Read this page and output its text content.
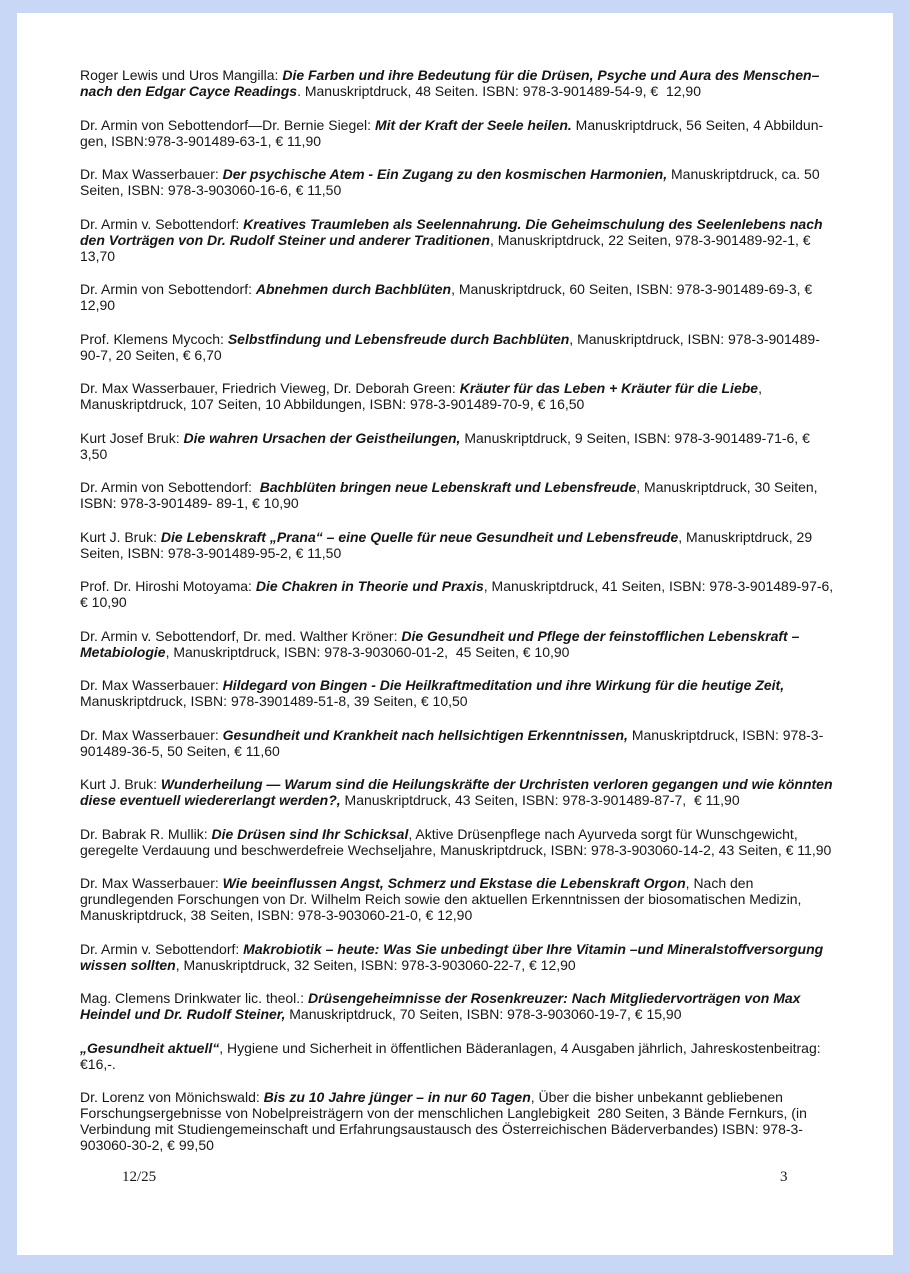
Roger Lewis und Uros Mangilla: Die Farben und ihre Bedeutung für die Drüsen, Psyche und Aura des Menschen– nach den Edgar Cayce Readings. Manuskriptdruck, 48 Seiten. ISBN: 978-3-901489-54-9, €  12,90

Dr. Armin von Sebottendorf—Dr. Bernie Siegel: Mit der Kraft der Seele heilen. Manuskriptdruck, 56 Seiten, 4 Abbildungen, ISBN:978-3-901489-63-1, € 11,90

Dr. Max Wasserbauer: Der psychische Atem - Ein Zugang zu den kosmischen Harmonien, Manuskriptdruck, ca. 50 Seiten, ISBN: 978-3-903060-16-6, € 11,50

Dr. Armin v. Sebottendorf: Kreatives Traumleben als Seelennahrung. Die Geheimschulung des Seelenlebens nach den Vorträgen von Dr. Rudolf Steiner und anderer Traditionen, Manuskriptdruck, 22 Seiten, 978-3-901489-92-1, € 13,70

Dr. Armin von Sebottendorf: Abnehmen durch Bachblüten, Manuskriptdruck, 60 Seiten, ISBN: 978-3-901489-69-3, € 12,90

Prof. Klemens Mycoch: Selbstfindung und Lebensfreude durch Bachblüten, Manuskriptdruck, ISBN: 978-3-901489-90-7, 20 Seiten, € 6,70

Dr. Max Wasserbauer, Friedrich Vieweg, Dr. Deborah Green: Kräuter für das Leben + Kräuter für die Liebe, Manuskriptdruck, 107 Seiten, 10 Abbildungen, ISBN: 978-3-901489-70-9, € 16,50

Kurt Josef Bruk: Die wahren Ursachen der Geistheilungen, Manuskriptdruck, 9 Seiten, ISBN: 978-3-901489-71-6, € 3,50

Dr. Armin von Sebottendorf:  Bachblüten bringen neue Lebenskraft und Lebensfreude, Manuskriptdruck, 30 Seiten, ISBN: 978-3-901489- 89-1, € 10,90

Kurt J. Bruk: Die Lebenskraft „Prana“ – eine Quelle für neue Gesundheit und Lebensfreude, Manuskriptdruck, 29 Seiten, ISBN: 978-3-901489-95-2, € 11,50

Prof. Dr. Hiroshi Motoyama: Die Chakren in Theorie und Praxis, Manuskriptdruck, 41 Seiten, ISBN: 978-3-901489-97-6, € 10,90

Dr. Armin v. Sebottendorf, Dr. med. Walther Kröner: Die Gesundheit und Pflege der feinstofflichen Lebenskraft – Metabiologie, Manuskriptdruck, ISBN: 978-3-903060-01-2,  45 Seiten, € 10,90

Dr. Max Wasserbauer: Hildegard von Bingen - Die Heilkraftmeditation und ihre Wirkung für die heutige Zeit, Manuskriptdruck, ISBN: 978-3901489-51-8, 39 Seiten, € 10,50

Dr. Max Wasserbauer: Gesundheit und Krankheit nach hellsichtigen Erkenntnissen, Manuskriptdruck, ISBN: 978-3-901489-36-5, 50 Seiten, € 11,60

Kurt J. Bruk: Wunderheilung — Warum sind die Heilungskräfte der Urchristen verloren gegangen und wie könnten diese eventuell wiedererlangt werden?, Manuskriptdruck, 43 Seiten, ISBN: 978-3-901489-87-7,  € 11,90

Dr. Babrak R. Mullik: Die Drüsen sind Ihr Schicksal, Aktive Drüsenpflege nach Ayurveda sorgt für Wunschgewicht, geregelte Verdauung und beschwerdefreie Wechseljahre, Manuskriptdruck, ISBN: 978-3-903060-14-2, 43 Seiten, € 11,90

Dr. Max Wasserbauer: Wie beeinflussen Angst, Schmerz und Ekstase die Lebenskraft Orgon, Nach den grundlegenden Forschungen von Dr. Wilhelm Reich sowie den aktuellen Erkenntnissen der biosomatischen Medizin, Manuskriptdruck, 38 Seiten, ISBN: 978-3-903060-21-0, € 12,90

Dr. Armin v. Sebottendorf: Makrobiotik – heute: Was Sie unbedingt über Ihre Vitamin –und Mineralstoffversorgung wissen sollten, Manuskriptdruck, 32 Seiten, ISBN: 978-3-903060-22-7, € 12,90

Mag. Clemens Drinkwater lic. theol.: Drüsengeheimnisse der Rosenkreuzer: Nach Mitgliedervorträgen von Max Heindel und Dr. Rudolf Steiner, Manuskriptdruck, 70 Seiten, ISBN: 978-3-903060-19-7, € 15,90

„Gesundheit aktuell“, Hygiene und Sicherheit in öffentlichen Bäderanlagen, 4 Ausgaben jährlich, Jahreskostenbeitrag: €16,-.

Dr. Lorenz von Mönichswald: Bis zu 10 Jahre jünger – in nur 60 Tagen, Über die bisher unbekannt gebliebenen Forschungsergebnisse von Nobelpreisträgern von der menschlichen Langlebigkeit  280 Seiten, 3 Bände Fernkurs, (in Verbindung mit Studiengemeinschaft und Erfahrungsaustausch des Österreichischen Bäderverbandes) ISBN: 978-3-903060-30-2, € 99,50

12/25	3
